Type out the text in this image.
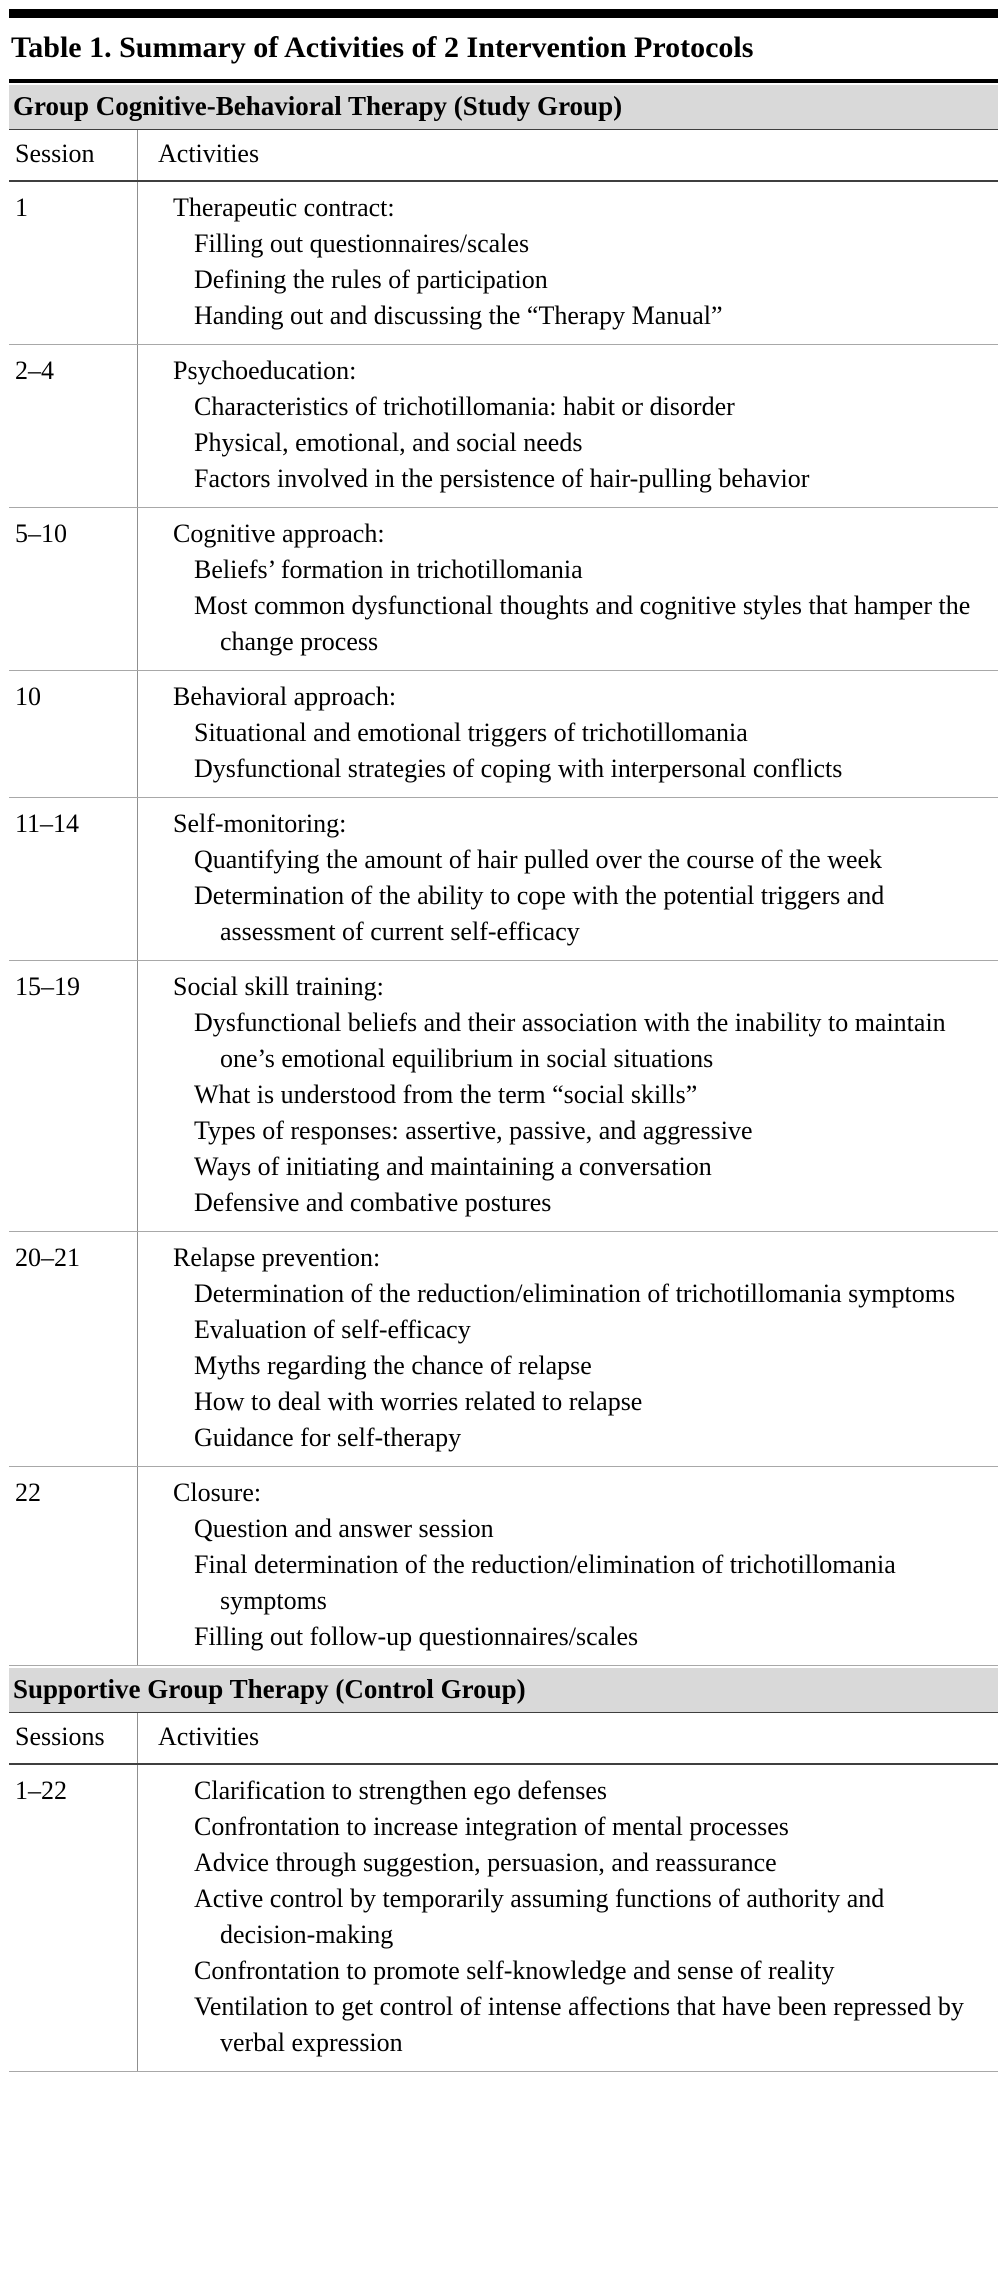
Table 1. Summary of Activities of 2 Intervention Protocols
Group Cognitive-Behavioral Therapy (Study Group)
Session	Activities
1	Therapeutic contract:
Filling out questionnaires/scales
Defining the rules of participation
Handing out and discussing the “Therapy Manual”
2–4	Psychoeducation:
Characteristics of trichotillomania: habit or disorder
Physical, emotional, and social needs
Factors involved in the persistence of hair-pulling behavior
5–10	Cognitive approach:
Beliefs’ formation in trichotillomania
Most common dysfunctional thoughts and cognitive styles that hamper the change process
10	Behavioral approach:
Situational and emotional triggers of trichotillomania
Dysfunctional strategies of coping with interpersonal conflicts
11–14	Self-monitoring:
Quantifying the amount of hair pulled over the course of the week
Determination of the ability to cope with the potential triggers and assessment of current self-efficacy
15–19	Social skill training:
Dysfunctional beliefs and their association with the inability to maintain one’s emotional equilibrium in social situations
What is understood from the term “social skills”
Types of responses: assertive, passive, and aggressive
Ways of initiating and maintaining a conversation
Defensive and combative postures
20–21	Relapse prevention:
Determination of the reduction/elimination of trichotillomania symptoms
Evaluation of self-efficacy
Myths regarding the chance of relapse
How to deal with worries related to relapse
Guidance for self-therapy
22	Closure:
Question and answer session
Final determination of the reduction/elimination of trichotillomania symptoms
Filling out follow-up questionnaires/scales
Supportive Group Therapy (Control Group)
Sessions	Activities
1–22	Clarification to strengthen ego defenses
Confrontation to increase integration of mental processes
Advice through suggestion, persuasion, and reassurance
Active control by temporarily assuming functions of authority and decision-making
Confrontation to promote self-knowledge and sense of reality
Ventilation to get control of intense affections that have been repressed by verbal expression
